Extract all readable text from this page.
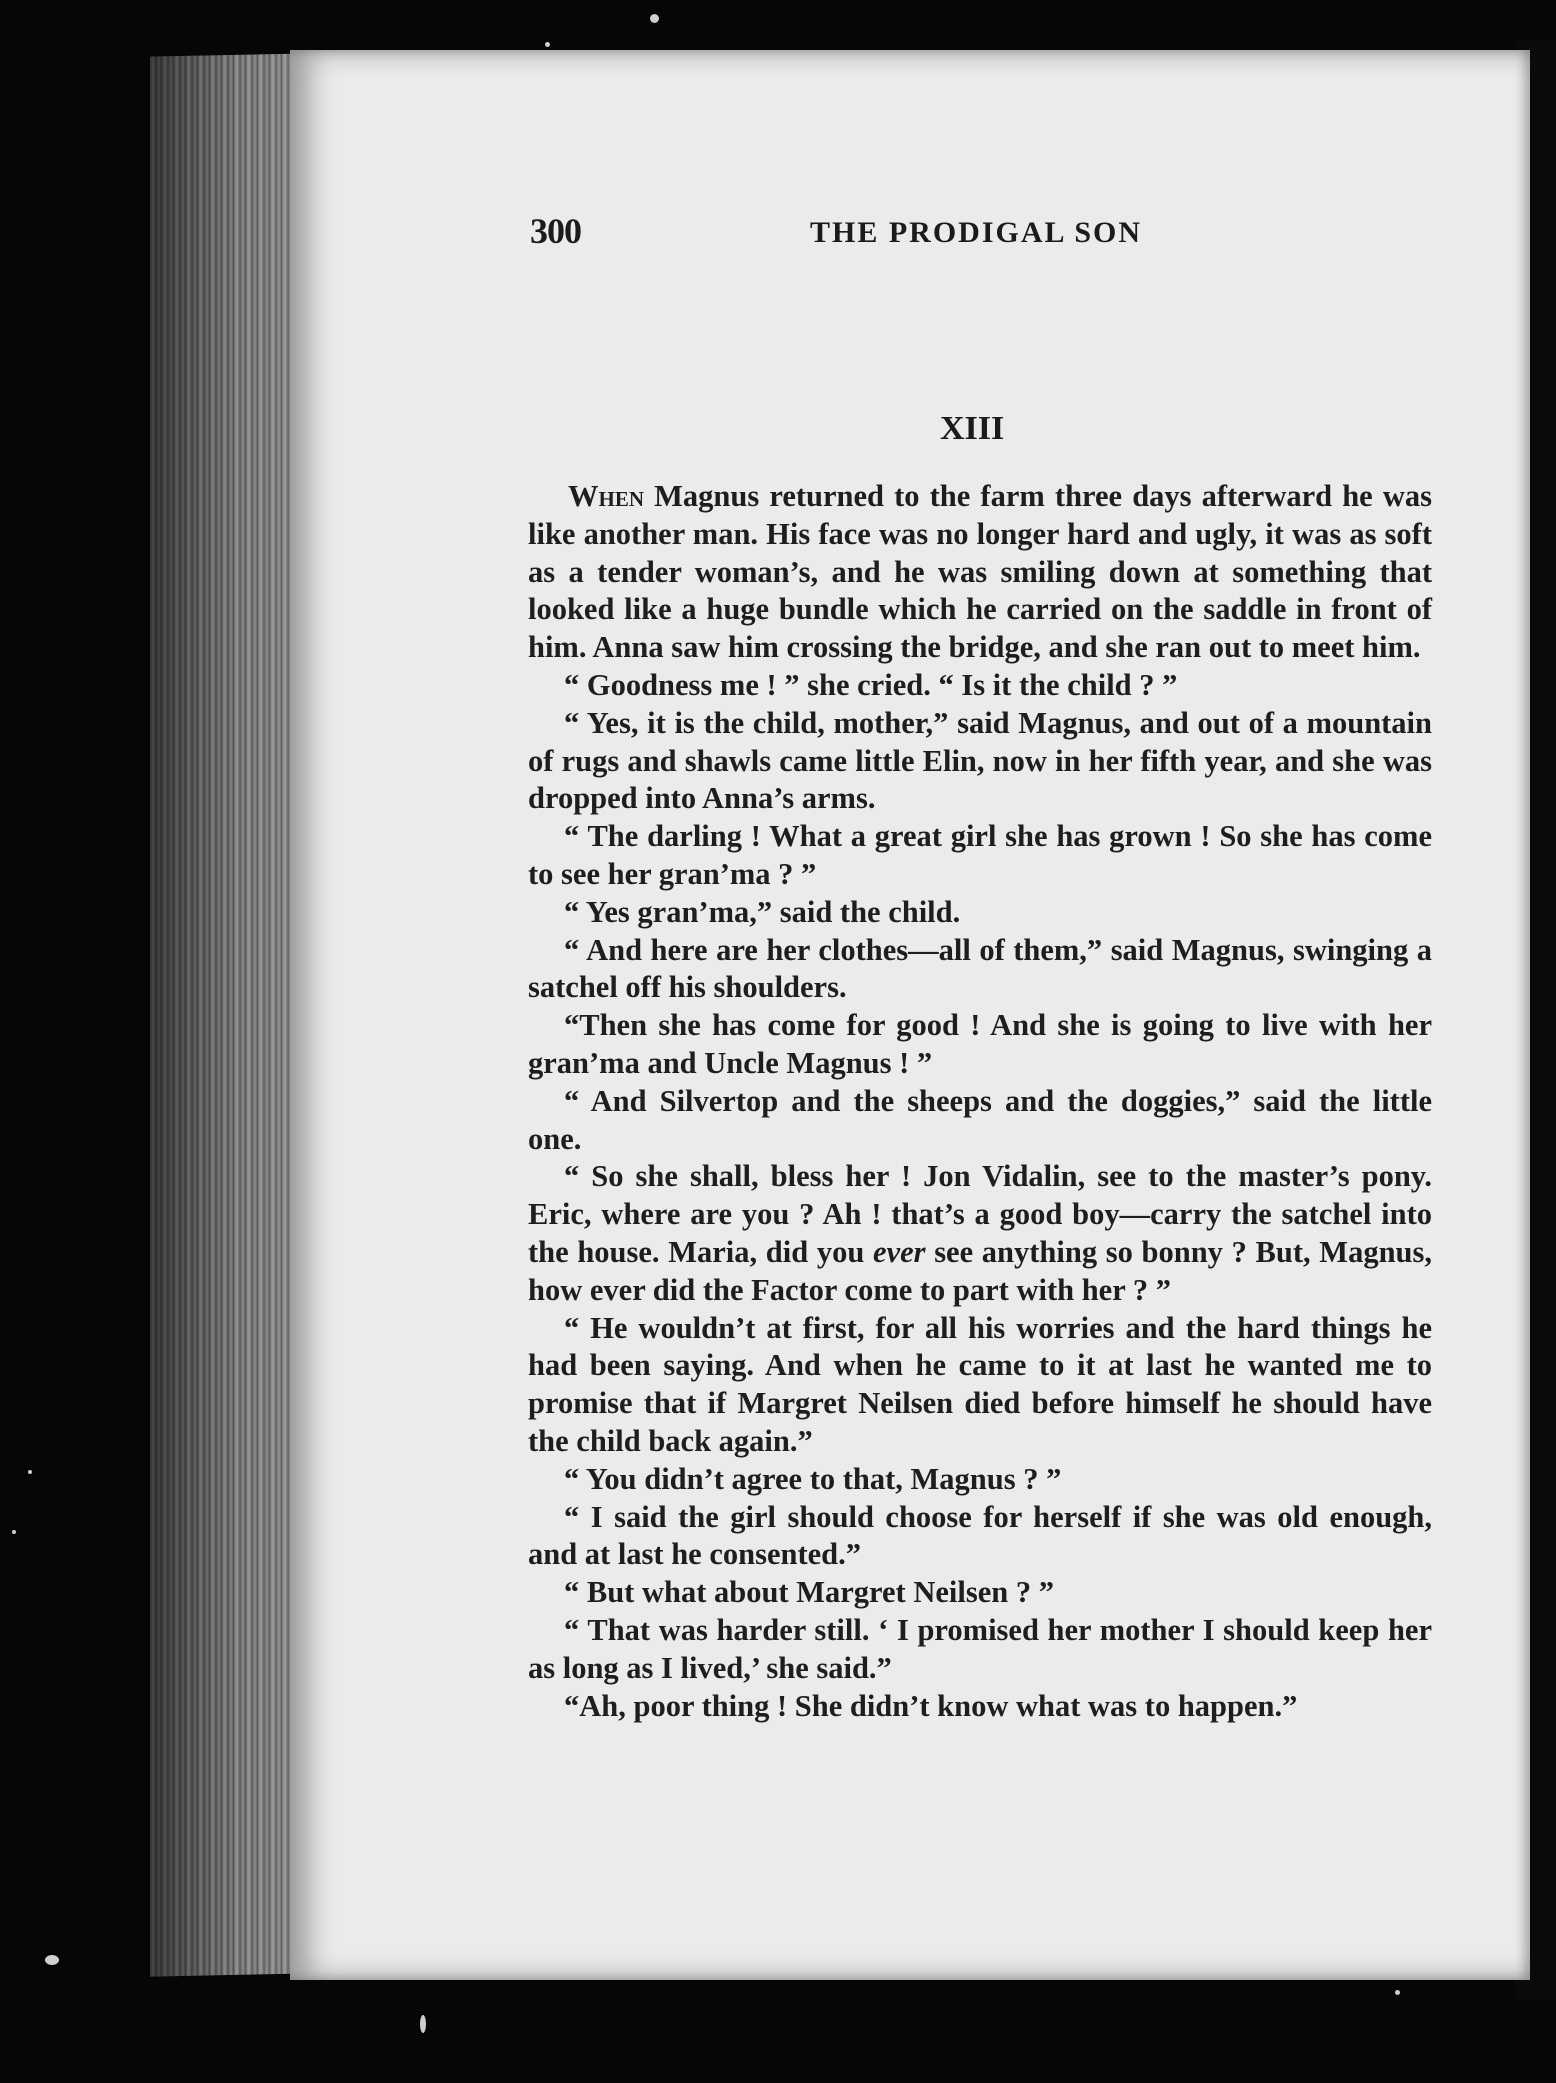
300	THE PRODIGAL SON
XIII

When Magnus returned to the farm three days afterward he was like another man. His face was no longer hard and ugly, it was as soft as a tender woman’s, and he was smiling down at something that looked like a huge bundle which he carried on the saddle in front of him. Anna saw him crossing the bridge, and she ran out to meet him.

“ Goodness me ! ” she cried. “ Is it the child ? ”

“ Yes, it is the child, mother,” said Magnus, and out of a mountain of rugs and shawls came little Elin, now in her fifth year, and she was dropped into Anna’s arms.

“ The darling ! What a great girl she has grown ! So she has come to see her gran’ma ? ”

“ Yes gran’ma,” said the child.

“ And here are her clothes—all of them,” said Magnus, swinging a satchel off his shoulders.

“Then she has come for good ! And she is going to live with her gran’ma and Uncle Magnus ! ”

“ And Silvertop and the sheeps and the doggies,” said the little one.

“ So she shall, bless her ! Jon Vidalin, see to the master’s pony. Eric, where are you ? Ah ! that’s a good boy—carry the satchel into the house. Maria, did you ever see anything so bonny ? But, Magnus, how ever did the Factor come to part with her ? ”

“ He wouldn’t at first, for all his worries and the hard things he had been saying. And when he came to it at last he wanted me to promise that if Margret Neilsen died before himself he should have the child back again.”

“ You didn’t agree to that, Magnus ? ”

“ I said the girl should choose for herself if she was old enough, and at last he consented.”

“ But what about Margret Neilsen ? ”

“ That was harder still. ‘ I promised her mother I should keep her as long as I lived,’ she said.”

“Ah, poor thing ! She didn’t know what was to happen.”
